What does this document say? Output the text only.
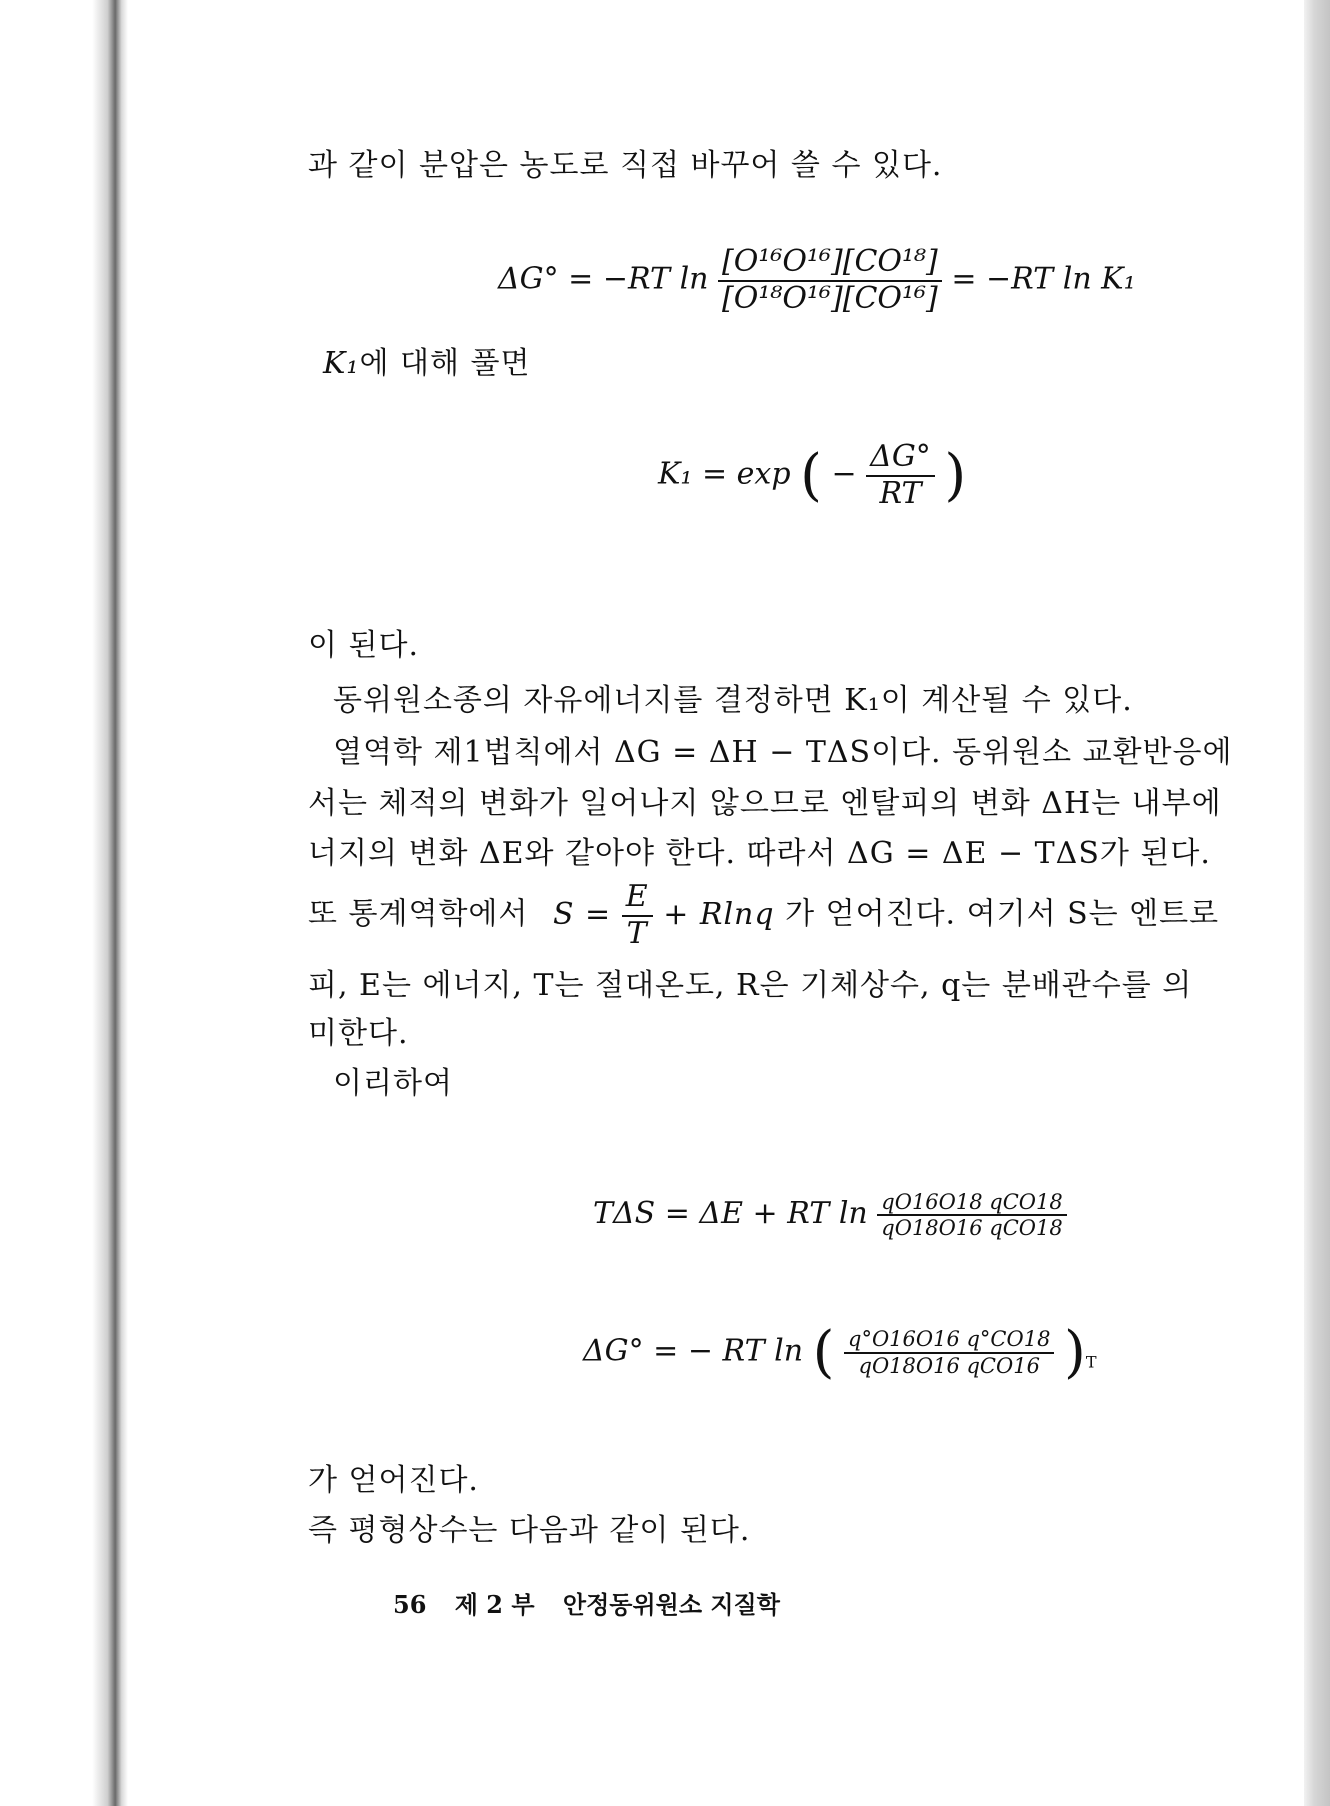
과 같이 분압은 농도로 직접 바꾸어 쓸 수 있다.
ΔG° = −RT $\ln \frac{\text{[O¹⁶O¹⁶][CO¹⁸]}}{\text{[O¹⁸O¹⁶][CO¹⁶]}} = -RT$ ln K₁
K₁에 대해 풀면
K₁ = exp ( − $\frac{\Delta G^\circ}{RT}$ )
이 된다.
동위원소종의 자유에너지를 결정하면 K₁이 계산될 수 있다.
열역학 제1법칙에서 ΔG = ΔH − TΔS이다. 동위원소 교환반응에
서는 체적의 변화가 일어나지 않으므로 엔탈피의 변화 ΔH는 내부에
너지의 변화 ΔE와 같아야 한다. 따라서 ΔG = ΔE − TΔS가 된다.
또 통계역학에서 $S = \frac{E}{T} + Rlnq$ 가 얻어진다. 여기서 S는 엔트로
피, E는 에너지, T는 절대온도, R은 기체상수, q는 분배관수를 의
미한다.
이리하여
TΔS = ΔE + RT $\ln \frac{\text{qO16O18 qCO18}}{\text{qO18O16 qCO18}}$
ΔG° = − RT ln ( $\frac{q^\circ O16O16 q^\circ CO18}{\text{qO18O16 qCO16}} )_T$
가 얻어진다.
즉 평형상수는 다음과 같이 된다.
56 제 2 부 안정동위원소 지질학
